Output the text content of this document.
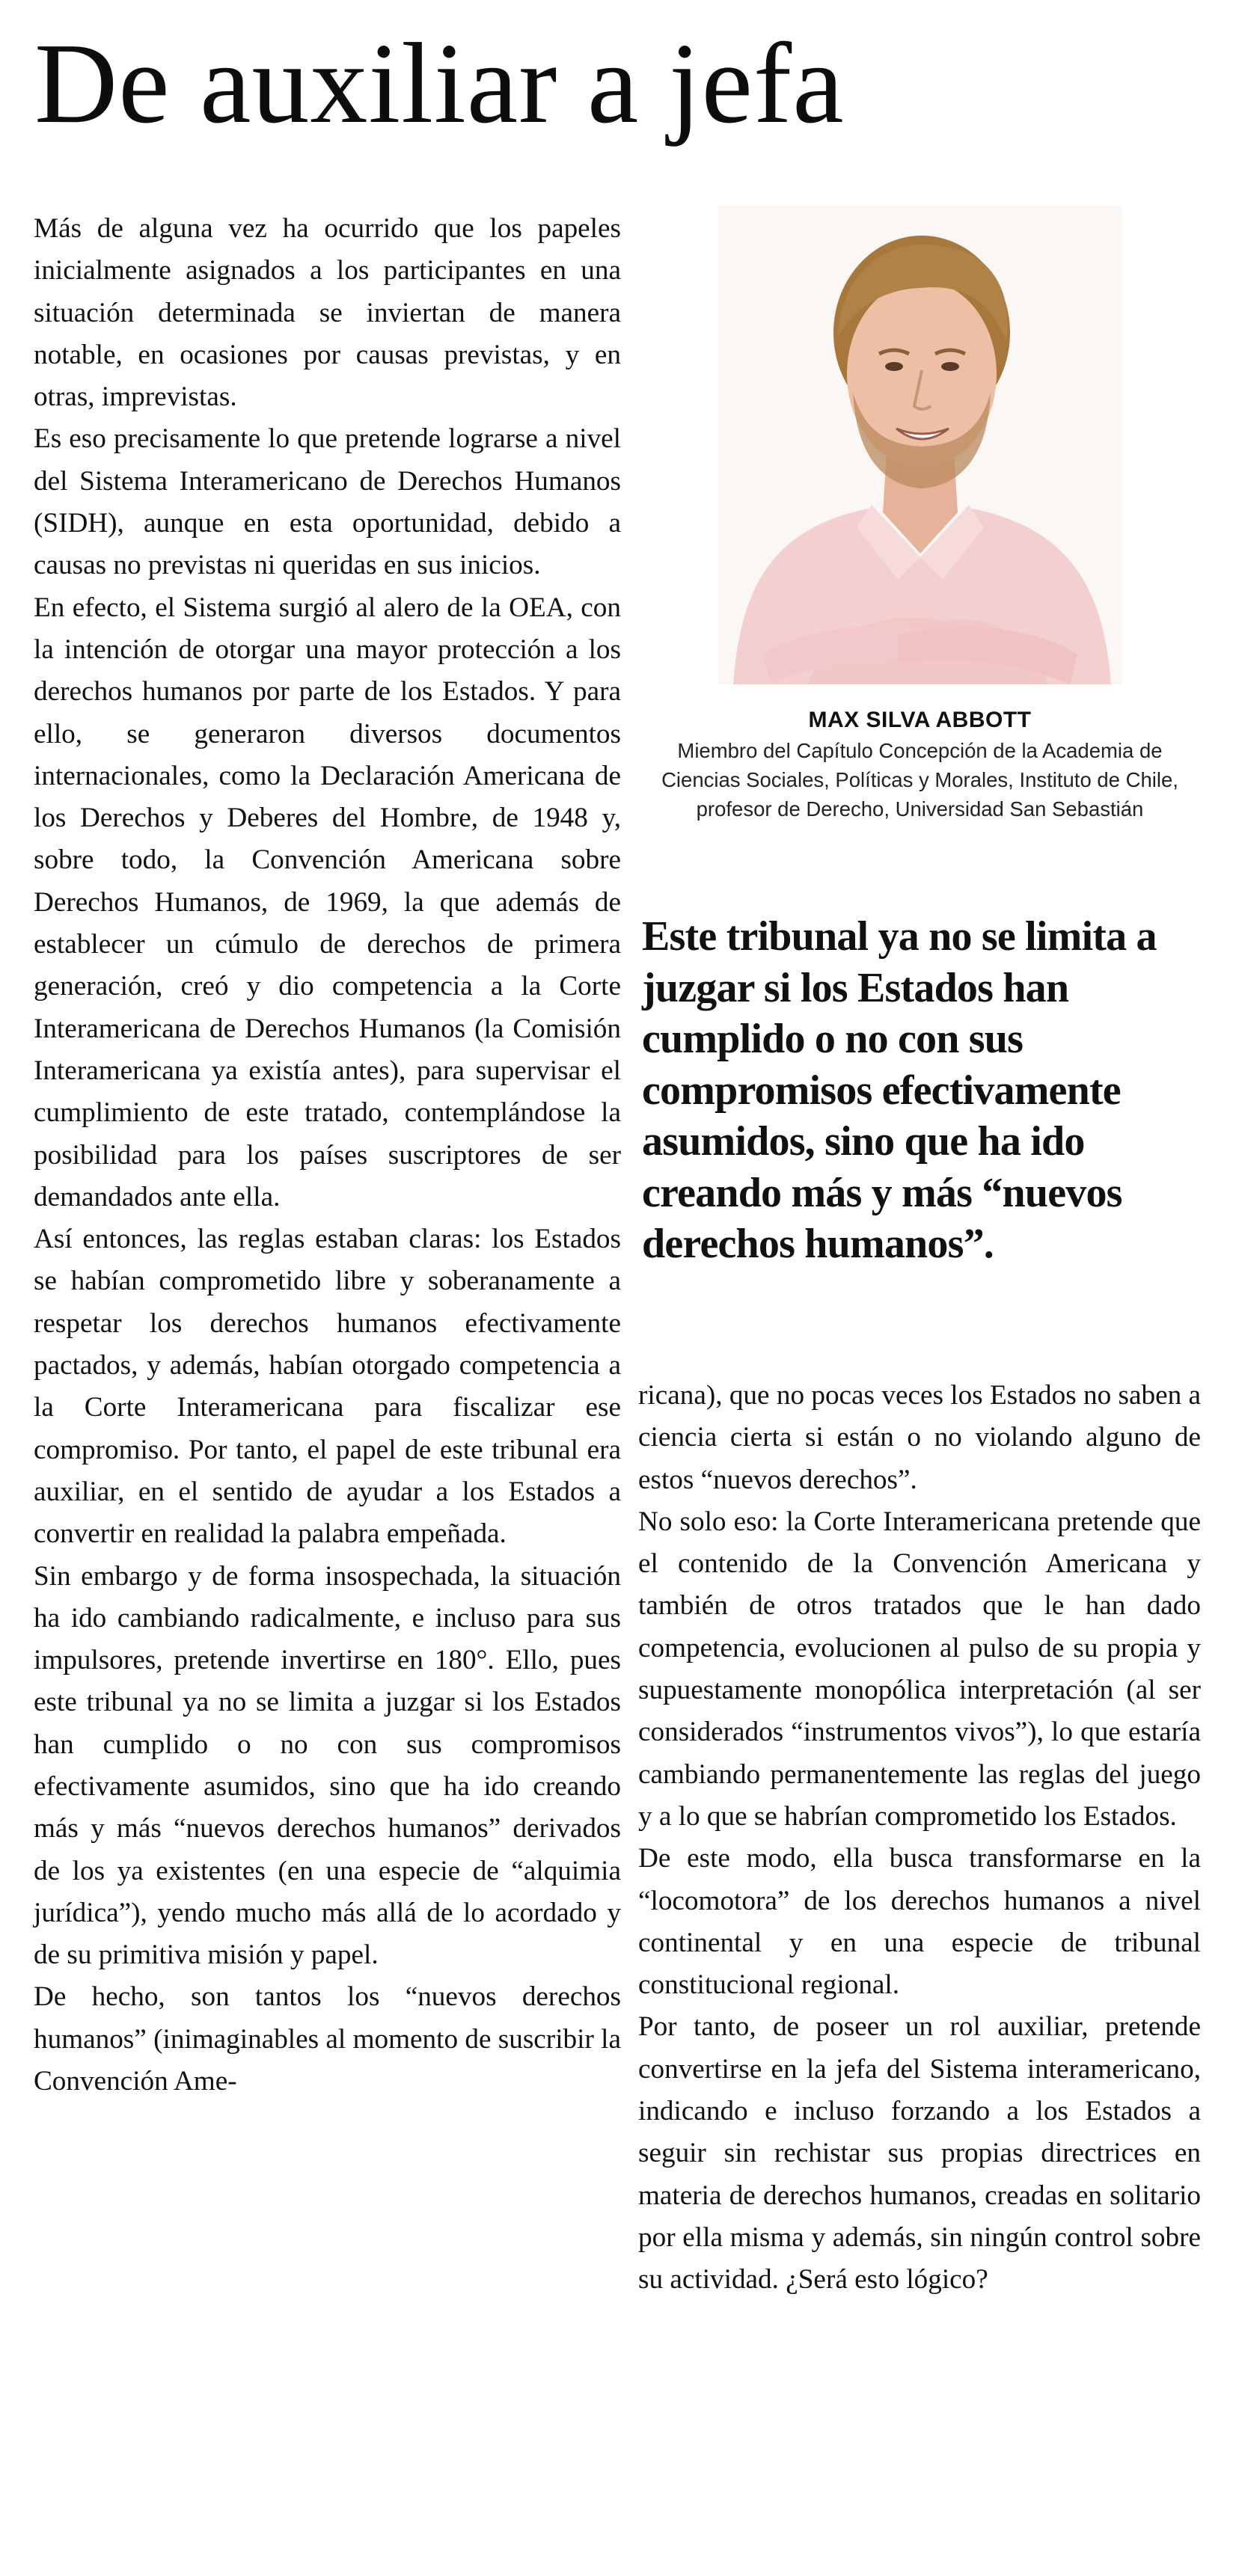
De auxiliar a jefa

Más de alguna vez ha ocurrido que los papeles inicialmente asignados a los participantes en una situación determinada se inviertan de manera notable, en ocasiones por causas previstas, y en otras, imprevistas.

Es eso precisamente lo que pretende lograrse a nivel del Sistema Interamericano de Derechos Humanos (SIDH), aunque en esta oportunidad, debido a causas no previstas ni queridas en sus inicios.

En efecto, el Sistema surgió al alero de la OEA, con la intención de otorgar una mayor protección a los derechos humanos por parte de los Estados. Y para ello, se generaron diversos documentos internacionales, como la Declaración Americana de los Derechos y Deberes del Hombre, de 1948 y, sobre todo, la Convención Americana sobre Derechos Humanos, de 1969, la que además de establecer un cúmulo de derechos de primera generación, creó y dio competencia a la Corte Interamericana de Derechos Humanos (la Comisión Interamericana ya existía antes), para supervisar el cumplimiento de este tratado, contemplándose la posibilidad para los países suscriptores de ser demandados ante ella.

Así entonces, las reglas estaban claras: los Estados se habían comprometido libre y soberanamente a respetar los derechos humanos efectivamente pactados, y además, habían otorgado competencia a la Corte Interamericana para fiscalizar ese compromiso. Por tanto, el papel de este tribunal era auxiliar, en el sentido de ayudar a los Estados a convertir en realidad la palabra empeñada.

Sin embargo y de forma insospechada, la situación ha ido cambiando radicalmente, e incluso para sus impulsores, pretende invertirse en 180°. Ello, pues este tribunal ya no se limita a juzgar si los Estados han cumplido o no con sus compromisos efectivamente asumidos, sino que ha ido creando más y más “nuevos derechos humanos” derivados de los ya existentes (en una especie de “alquimia jurídica”), yendo mucho más allá de lo acordado y de su primitiva misión y papel.

De hecho, son tantos los “nuevos derechos humanos” (inimaginables al momento de suscribir la Convención Ame-

MAX SILVA ABBOTT
Miembro del Capítulo Concepción de la Academia de Ciencias Sociales, Políticas y Morales, Instituto de Chile, profesor de Derecho, Universidad San Sebastián
Este tribunal ya no se limita a juzgar si los Estados han cumplido o no con sus compromisos efectivamente asumidos, sino que ha ido creando más y más “nuevos derechos humanos”.

ricana), que no pocas veces los Estados no saben a ciencia cierta si están o no violando alguno de estos “nuevos derechos”.

No solo eso: la Corte Interamericana pretende que el contenido de la Convención Americana y también de otros tratados que le han dado competencia, evolucionen al pulso de su propia y supuestamente monopólica interpretación (al ser considerados “instrumentos vivos”), lo que estaría cambiando permanentemente las reglas del juego y a lo que se habrían comprometido los Estados.

De este modo, ella busca transformarse en la “locomotora” de los derechos humanos a nivel continental y en una especie de tribunal constitucional regional.

Por tanto, de poseer un rol auxiliar, pretende convertirse en la jefa del Sistema interamericano, indicando e incluso forzando a los Estados a seguir sin rechistar sus propias directrices en materia de derechos humanos, creadas en solitario por ella misma y además, sin ningún control sobre su actividad. ¿Será esto lógico?
